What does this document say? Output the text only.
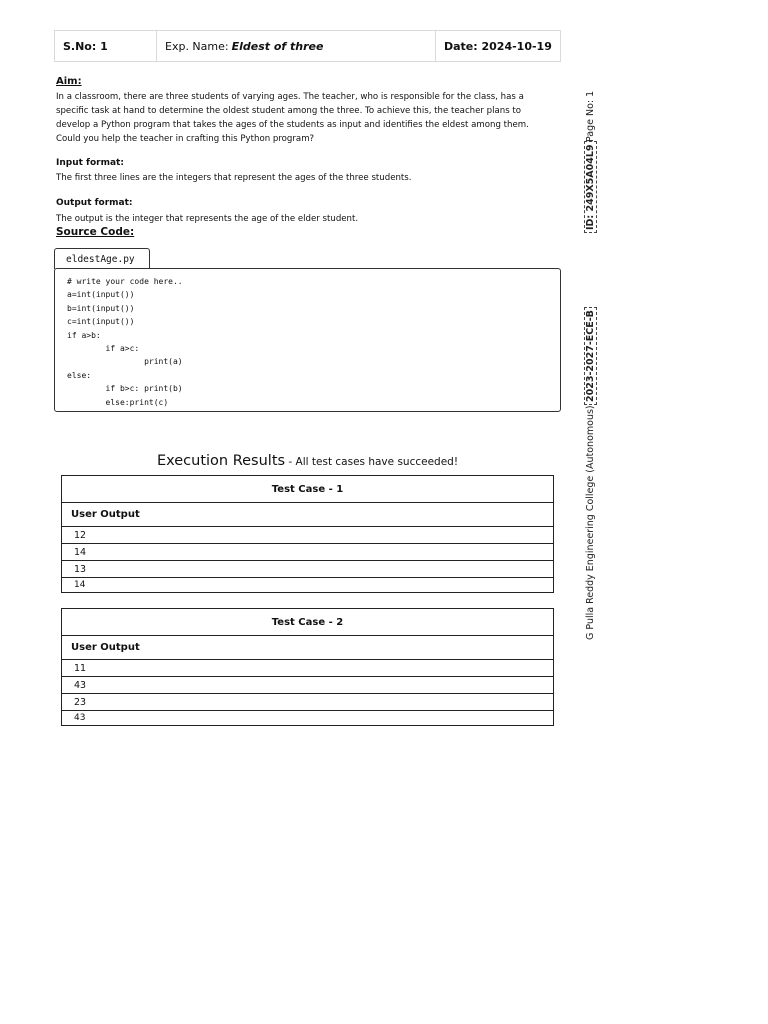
S.No: 1	Exp. Name: Eldest of three	Date: 2024-10-19
Aim:
In a classroom, there are three students of varying ages. The teacher, who is responsible for the class, has a
specific task at hand to determine the oldest student among the three. To achieve this, the teacher plans to
develop a Python program that takes the ages of the students as input and identifies the eldest among them.
Could you help the teacher in crafting this Python program?
Input format:
The first three lines are the integers that represent the ages of the three students.
Output format:
The output is the integer that represents the age of the elder student.
Source Code:
eldestAge.py
# write your code here..
a=int(input())
b=int(input())
c=int(input())
if a>b:
if a>c:
print(a)
else:
if b>c: print(b)
else:print(c)
Execution Results - All test cases have succeeded!
Test Case - 1
User Output
12
14
13
14
Test Case - 2
User Output
11
43
23
43
Page No: 1
ID: 249X5A04L9
2023-2027-ECE-B
G Pulla Reddy Engineering College (Autonomous)
